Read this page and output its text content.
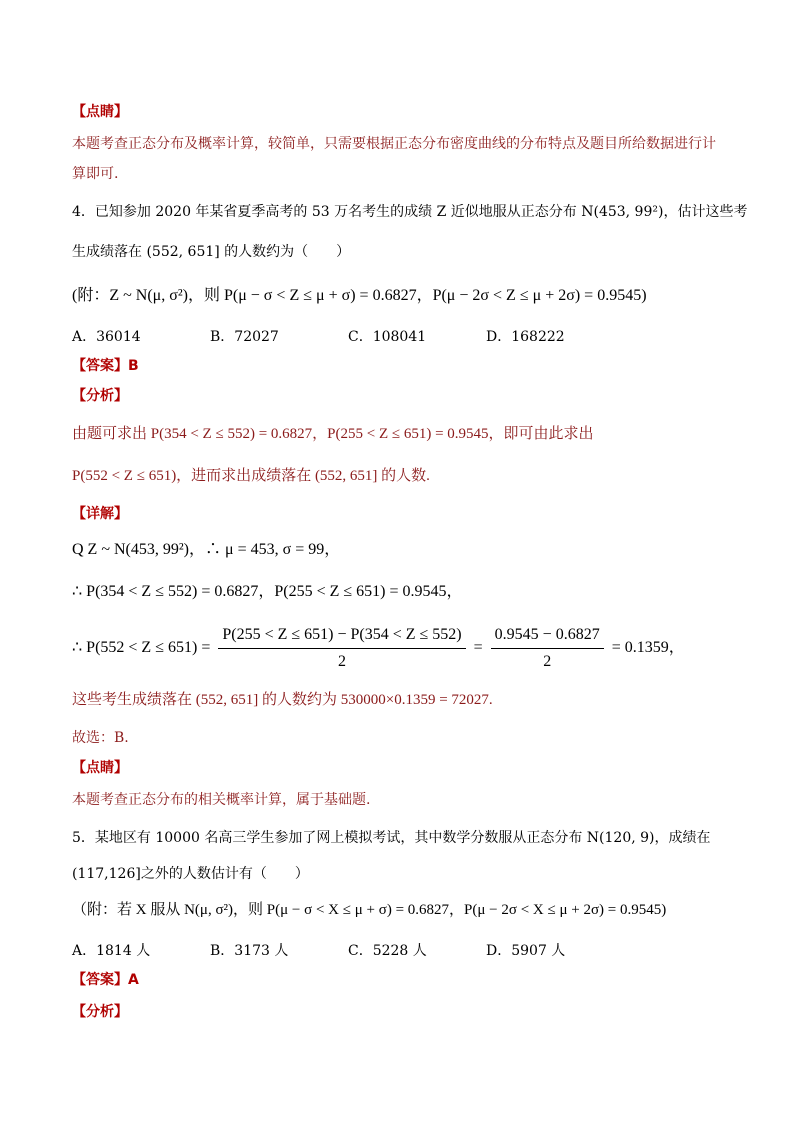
【点睛】
本题考查正态分布及概率计算，较简单，只需要根据正态分布密度曲线的分布特点及题目所给数据进行计
算即可.
4．已知参加 2020 年某省夏季高考的 53 万名考生的成绩 Z 近似地服从正态分布 N(453, 99²)，估计这些考
生成绩落在 (552, 651] 的人数约为（　　）
(附：Z ~ N(μ, σ²)，则 P(μ − σ < Z ≤ μ + σ) = 0.6827，P(μ − 2σ < Z ≤ μ + 2σ) = 0.9545)
A．36014	B．72027	C．108041	D．168222
【答案】B
【分析】
由题可求出 P(354 < Z ≤ 552) = 0.6827，P(255 < Z ≤ 651) = 0.9545，即可由此求出
P(552 < Z ≤ 651)，进而求出成绩落在 (552, 651] 的人数.
【详解】
Q Z ~ N(453, 99²)，∴ μ = 453, σ = 99，
∴ P(354 < Z ≤ 552) = 0.6827，P(255 < Z ≤ 651) = 0.9545，
∴ $P(552 < Z \le 651) = \frac{P(255 < Z \le 651) - P(354 < Z \le 552)}{2} = \frac{0.9545 - 0.6827}{2} = 0.1359$，
这些考生成绩落在 (552, 651] 的人数约为 530000×0.1359 = 72027.
故选：B.
【点睛】
本题考查正态分布的相关概率计算，属于基础题.
5．某地区有 10000 名高三学生参加了网上模拟考试，其中数学分数服从正态分布 N(120, 9)，成绩在
(117,126]之外的人数估计有（　　）
（附：若 X 服从 N(μ, σ²)，则 P(μ − σ < X ≤ μ + σ) = 0.6827，P(μ − 2σ < X ≤ μ + 2σ) = 0.9545)
A．1814 人	B．3173 人	C．5228 人	D．5907 人
【答案】A
【分析】
